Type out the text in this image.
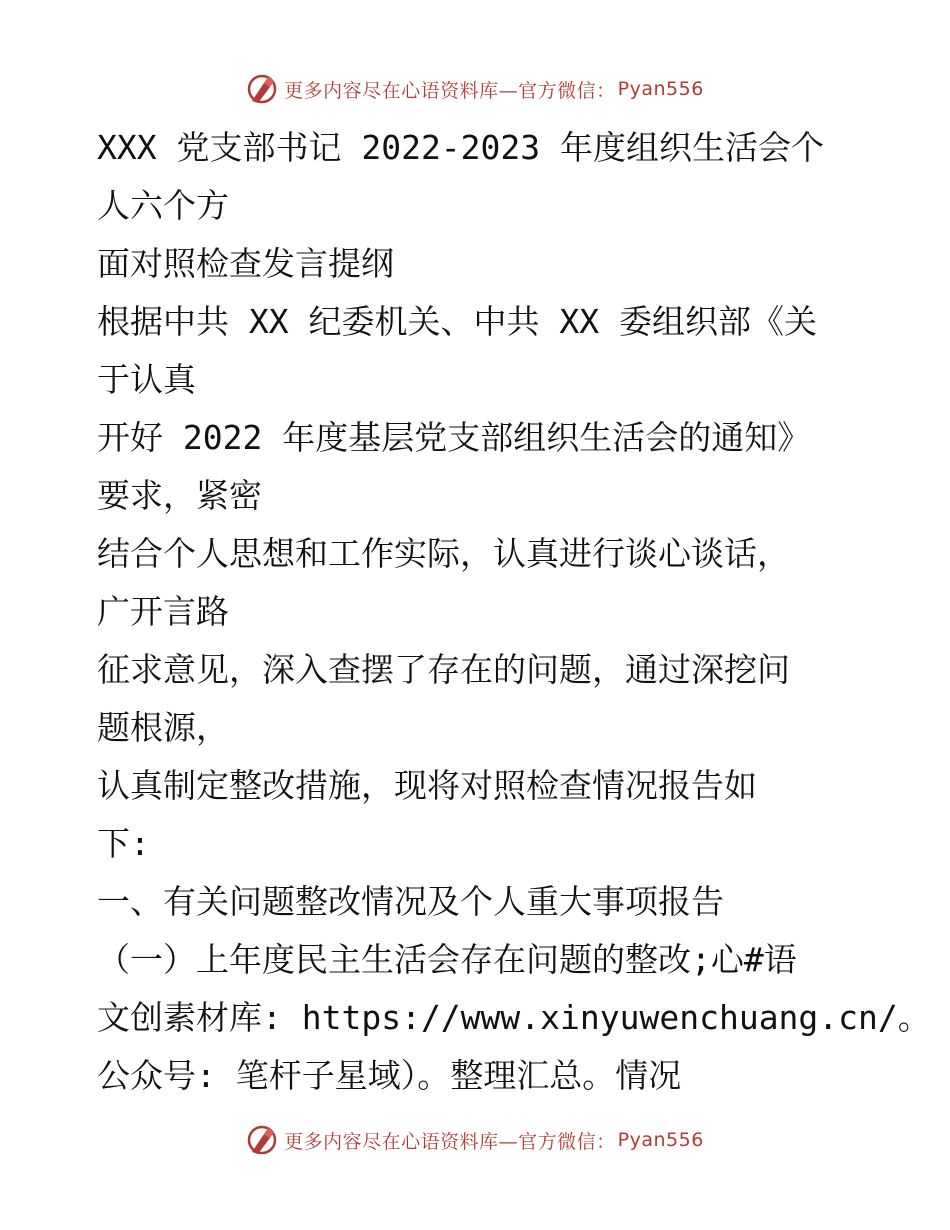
更多内容尽在心语资料库—官方微信： Pyan556
XXX 党支部书记 2022-2023 年度组织生活会个
人六个方
面对照检查发言提纲
根据中共 XX 纪委机关、中共 XX 委组织部《关
于认真
开好 2022 年度基层党支部组织生活会的通知》
要求，紧密
结合个人思想和工作实际，认真进行谈心谈话，
广开言路
征求意见，深入查摆了存在的问题，通过深挖问
题根源，
认真制定整改措施，现将对照检查情况报告如
下:
一、有关问题整改情况及个人重大事项报告
（一）上年度民主生活会存在问题的整改;心#语
文创素材库: https://www.xinyuwenchuang.cn/。
公众号: 笔杆子星域）。整理汇总。情况
更多内容尽在心语资料库—官方微信： Pyan556
